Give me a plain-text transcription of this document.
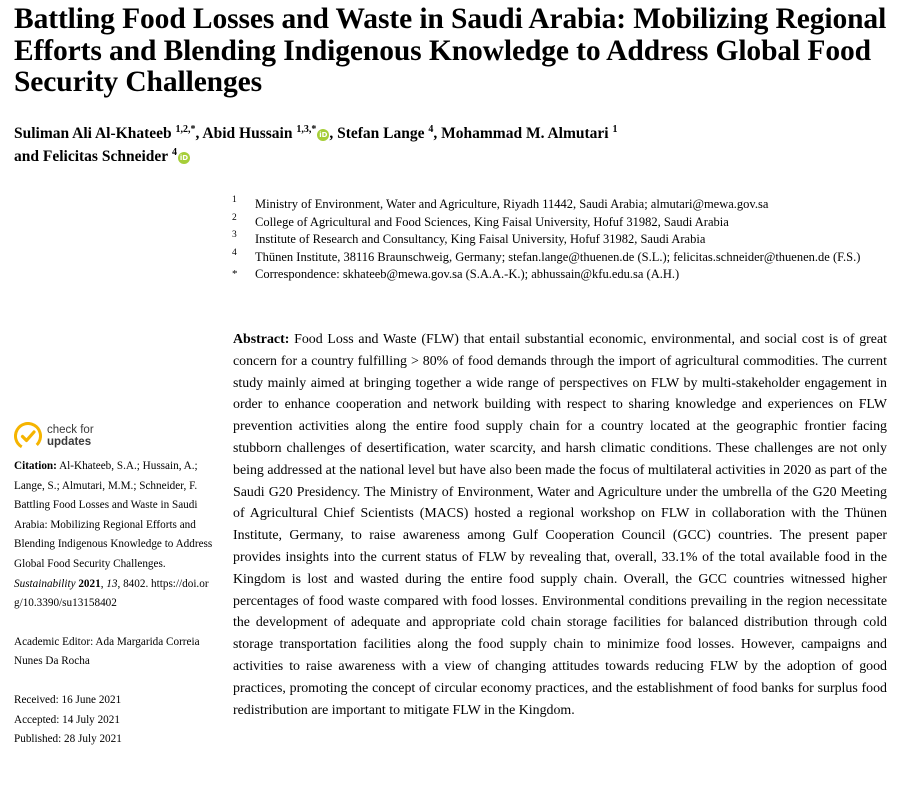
Battling Food Losses and Waste in Saudi Arabia: Mobilizing Regional Efforts and Blending Indigenous Knowledge to Address Global Food Security Challenges
Suliman Ali Al-Khateeb $^{1,2,*}$, Abid Hussain $^{1,3,*}$ iD , Stefan Lange $^4$, Mohammad M. Almutari $^1$
and Felicitas Schneider $^4$ iD
1 Ministry of Environment, Water and Agriculture, Riyadh 11442, Saudi Arabia; almutari@mewa.gov.sa
2 College of Agricultural and Food Sciences, King Faisal University, Hofuf 31982, Saudi Arabia
3 Institute of Research and Consultancy, King Faisal University, Hofuf 31982, Saudi Arabia
4 Thünen Institute, 38116 Braunschweig, Germany; stefan.lange@thuenen.de (S.L.); felicitas.schneider@thuenen.de (F.S.)
* Correspondence: skhateeb@mewa.gov.sa (S.A.A.-K.); abhussain@kfu.edu.sa (A.H.)
Abstract: Food Loss and Waste (FLW) that entail substantial economic, environmental, and social cost is of great concern for a country fulfilling > 80% of food demands through the import of agricultural commodities. The current study mainly aimed at bringing together a wide range of perspectives on FLW by multi-stakeholder engagement in order to enhance cooperation and network building with respect to sharing knowledge and experiences on FLW prevention activities along the entire food supply chain for a country located at the geographic frontier facing stubborn challenges of desertification, water scarcity, and harsh climatic conditions. These challenges are not only being addressed at the national level but have also been made the focus of multilateral activities in 2020 as part of the Saudi G20 Presidency. The Ministry of Environment, Water and Agriculture under the umbrella of the G20 Meeting of Agricultural Chief Scientists (MACS) hosted a regional workshop on FLW in collaboration with the Thünen Institute, Germany, to raise awareness among Gulf Cooperation Council (GCC) countries. The present paper provides insights into the current status of FLW by revealing that, overall, 33.1% of the total available food in the Kingdom is lost and wasted during the entire food supply chain. Overall, the GCC countries witnessed higher percentages of food waste compared with food losses. Environmental conditions prevailing in the region necessitate the development of adequate and appropriate cold chain storage facilities for balanced distribution through cold storage transportation facilities along the food supply chain to minimize food losses. However, campaigns and activities to raise awareness with a view of changing attitudes towards reducing FLW by the adoption of good practices, promoting the concept of circular economy practices, and the establishment of food banks for surplus food redistribution are important to mitigate FLW in the Kingdom.
check for
updates
Citation: Al-Khateeb, S.A.; Hussain, A.; Lange, S.; Almutari, M.M.; Schneider, F. Battling Food Losses and Waste in Saudi Arabia: Mobilizing Regional Efforts and Blending Indigenous Knowledge to Address Global Food Security Challenges. Sustainability 2021, 13, 8402. https://doi.org/10.3390/su13158402
Academic Editor: Ada Margarida Correia Nunes Da Rocha
Received: 16 June 2021
Accepted: 14 July 2021
Published: 28 July 2021
